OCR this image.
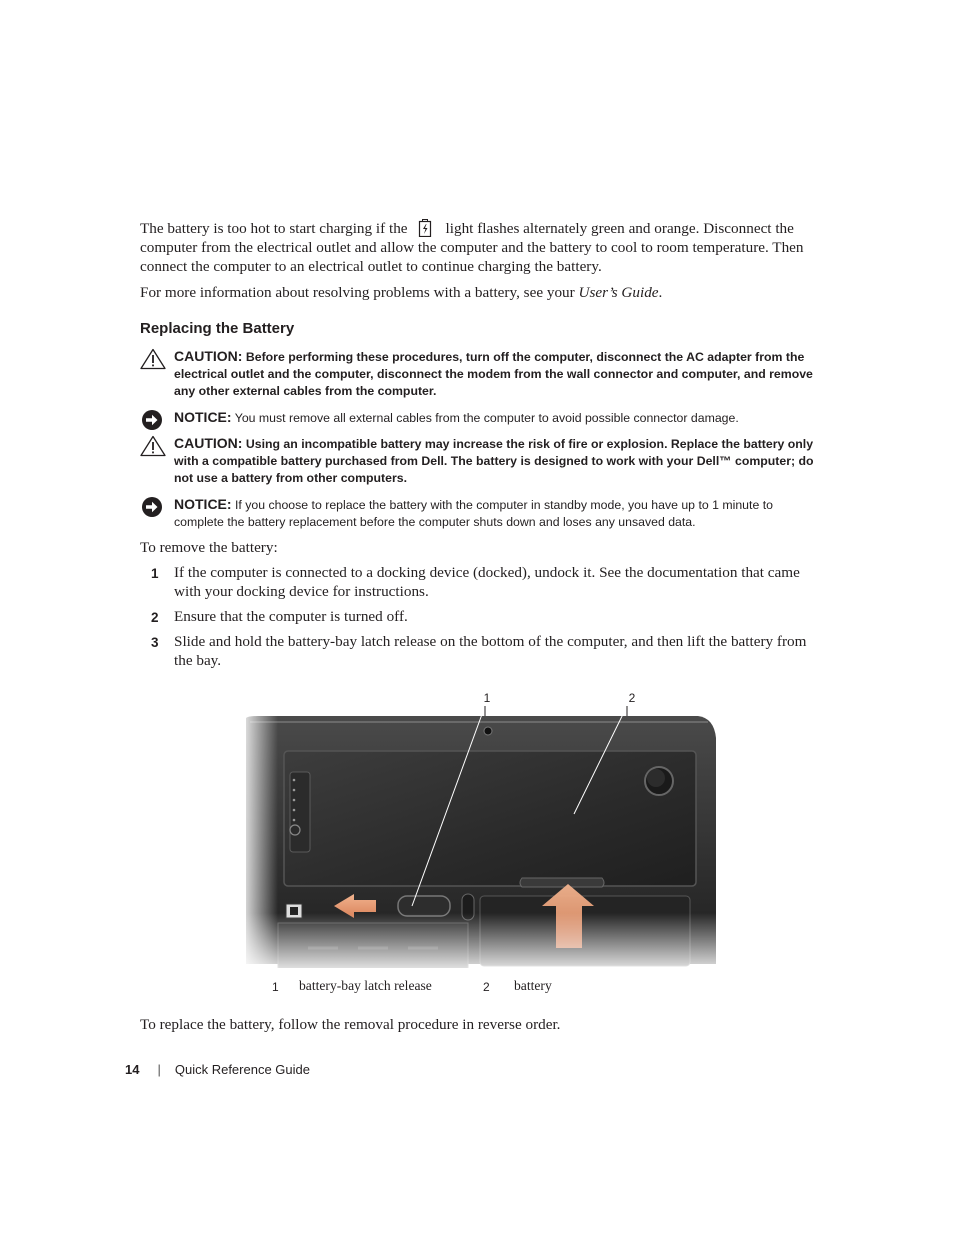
The battery is too hot to start charging if the	light flashes alternately green and orange. Disconnect the computer from the electrical outlet and allow the computer and the battery to cool to room temperature. Then connect the computer to an electrical outlet to continue charging the battery.

For more information about resolving problems with a battery, see your User’s Guide.

Replacing the Battery
CAUTION: Before performing these procedures, turn off the computer, disconnect the AC adapter from the electrical outlet and the computer, disconnect the modem from the wall connector and computer, and remove any other external cables from the computer.
NOTICE: You must remove all external cables from the computer to avoid possible connector damage.
CAUTION: Using an incompatible battery may increase the risk of fire or explosion. Replace the battery only with a compatible battery purchased from Dell. The battery is designed to work with your Dell™ computer; do not use a battery from other computers.
NOTICE: If you choose to replace the battery with the computer in standby mode, you have up to 1 minute to complete the battery replacement before the computer shuts down and loses any unsaved data.

To remove the battery:

1 If the computer is connected to a docking device (docked), undock it. See the documentation that came with your docking device for instructions.

2 Ensure that the computer is turned off.

3 Slide and hold the battery-bay latch release on the bottom of the computer, and then lift the battery from the bay.

1	2
1 battery-bay latch release	2 battery

To replace the battery, follow the removal procedure in reverse order.

14 | Quick Reference Guide
